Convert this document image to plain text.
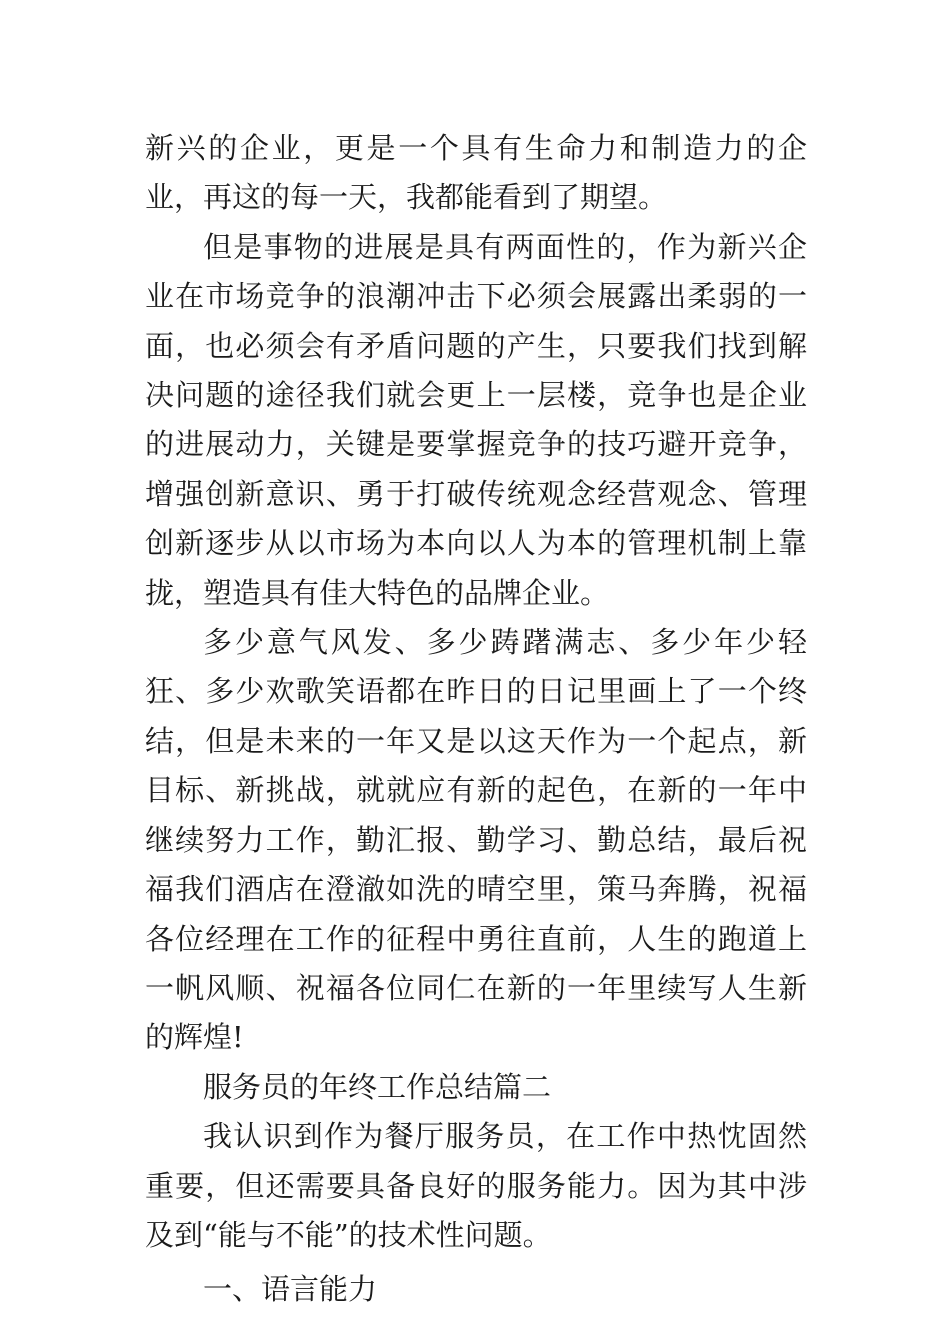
新兴的企业，更是一个具有生命力和制造力的企业，再这的每一天，我都能看到了期望。

但是事物的进展是具有两面性的，作为新兴企业在市场竞争的浪潮冲击下必须会展露出柔弱的一面，也必须会有矛盾问题的产生，只要我们找到解决问题的途径我们就会更上一层楼，竞争也是企业的进展动力，关键是要掌握竞争的技巧避开竞争，增强创新意识、勇于打破传统观念经营观念、管理创新逐步从以市场为本向以人为本的管理机制上靠拢，塑造具有佳大特色的品牌企业。

多少意气风发、多少踌躇满志、多少年少轻狂、多少欢歌笑语都在昨日的日记里画上了一个终结，但是未来的一年又是以这天作为一个起点，新目标、新挑战，就就应有新的起色，在新的一年中继续努力工作，勤汇报、勤学习、勤总结，最后祝福我们酒店在澄澈如洗的晴空里，策马奔腾，祝福各位经理在工作的征程中勇往直前，人生的跑道上一帆风顺、祝福各位同仁在新的一年里续写人生新的辉煌!

服务员的年终工作总结篇二

我认识到作为餐厅服务员，在工作中热忱固然重要，但还需要具备良好的服务能力。因为其中涉及到“能与不能”的技术性问题。

一、语言能力
